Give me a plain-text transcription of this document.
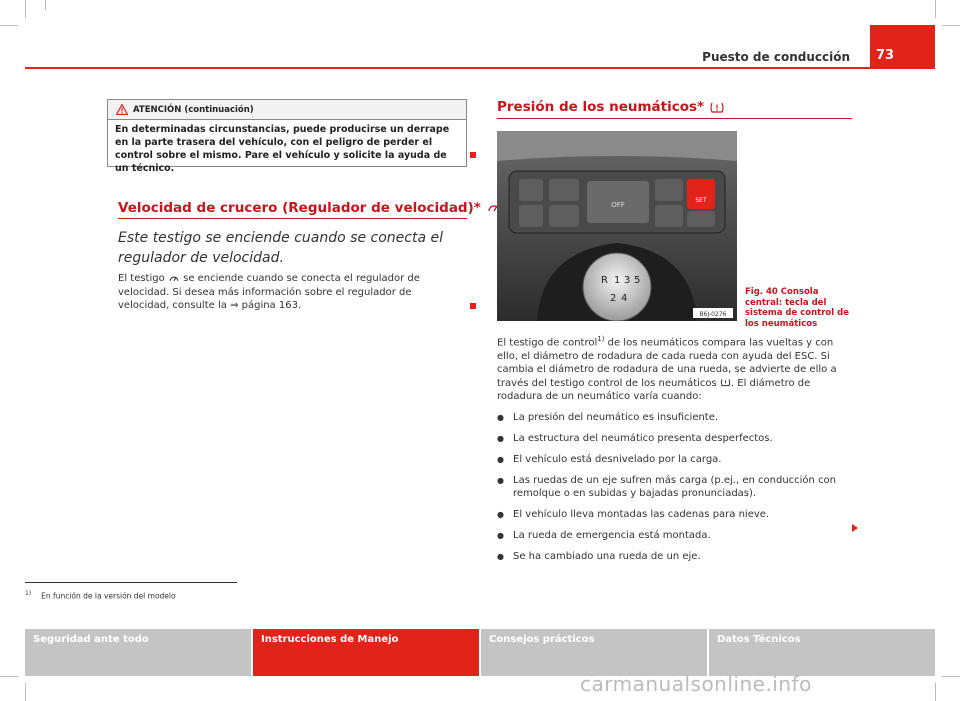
Puesto de conducción	73
ATENCIÓN (continuación)
En determinadas circunstancias, puede producirse un derrape en la parte trasera del vehículo, con el peligro de perder el control sobre el mismo. Pare el vehículo y solicite la ayuda de un técnico.
Velocidad de crucero (Regulador de velocidad)*
Este testigo se enciende cuando se conecta el regulador de velocidad.
El testigo se enciende cuando se conecta el regulador de velocidad. Si desea más información sobre el regulador de velocidad, consulte la ⇒ página 163.
Presión de los neumáticos*
OFF
SET
R 1 3 5
2 4
B6J-0276
Fig. 40 Consola central: tecla del sistema de control de los neumáticos
El testigo de control$^{1)}$ de los neumáticos compara las vueltas y con ello, el diámetro de rodadura de cada rueda con ayuda del ESC. Si cambia el diámetro de rodadura de una rueda, se advierte de ello a través del testigo control de los neumáticos . El diámetro de rodadura de un neumático varía cuando:
● La presión del neumático es insuficiente.
● La estructura del neumático presenta desperfectos.
● El vehículo está desnivelado por la carga.
● Las ruedas de un eje sufren más carga (p.ej., en conducción con remolque o en subidas y bajadas pronunciadas).
● El vehículo lleva montadas las cadenas para nieve.
● La rueda de emergencia está montada.
● Se ha cambiado una rueda de un eje.
$^{1)}$ En función de la versión del modelo
Seguridad ante todo	Instrucciones de Manejo	Consejos prácticos	Datos Técnicos
carmanualsonline.info
